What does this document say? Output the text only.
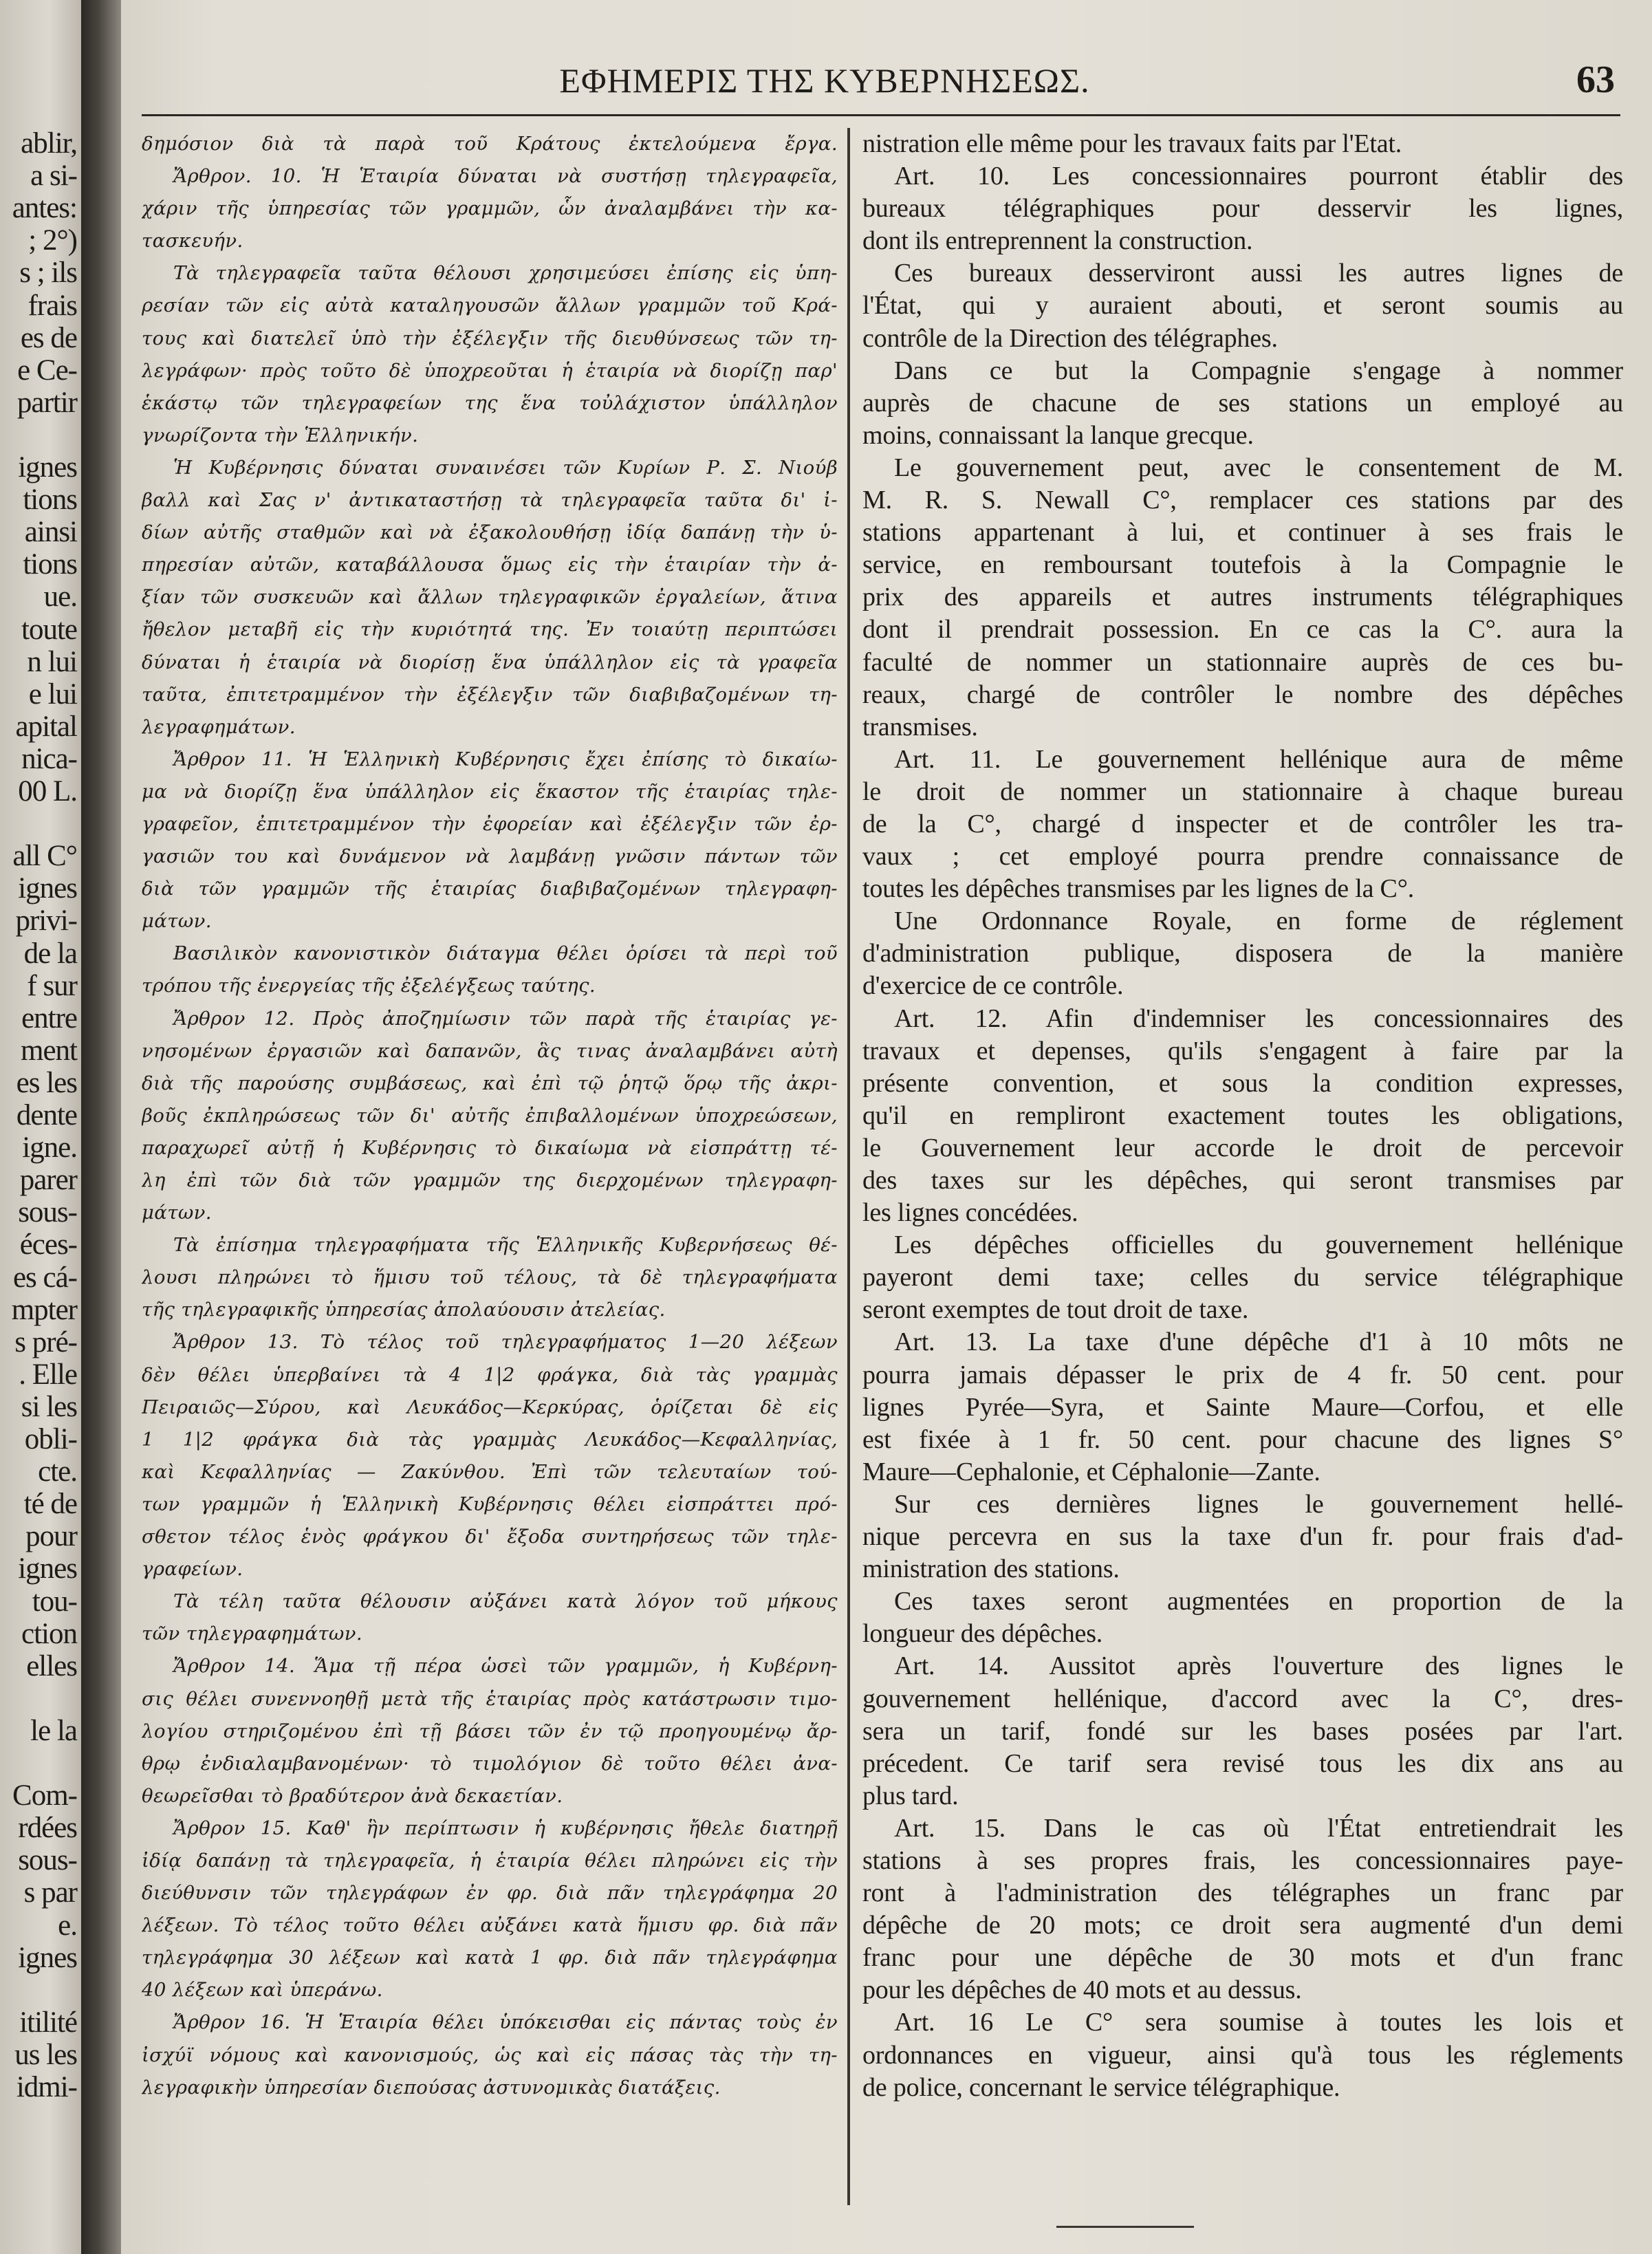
ablir,
a si-
antes:
; 2°)
s ; ils
frais
es de
e Ce-
partir
ignes
tions
ainsi
tions
ue.
toute
n lui
e lui
apital
nica-
00 L.
all C°
ignes
privi-
de la
f sur
entre
ment
es les
dente
igne.
parer
sous-
éces-
es cá-
mpter
s pré-
. Elle
si les
obli-
cte.
té de
pour
ignes
tou-
ction
elles
le la
Com-
rdées
sous-
s par
e.
ignes
itilité
us les
idmi-
ΕΦΗΜΕΡΙΣ ΤΗΣ ΚΥΒΕΡΝΗΣΕΩΣ.	63
δημόσιον διὰ τὰ παρὰ τοῦ Κράτους ἐκτελούμενα ἔργα.
Ἄρθρον. 10. Ἡ Ἑταιρία δύναται νὰ συστήσῃ τηλεγραφεῖα,
χάριν τῆς ὑπηρεσίας τῶν γραμμῶν, ὧν ἀναλαμβάνει τὴν κα-
τασκευήν.
Τὰ τηλεγραφεῖα ταῦτα θέλουσι χρησιμεύσει ἐπίσης εἰς ὑπη-
ρεσίαν τῶν εἰς αὐτὰ καταληγουσῶν ἄλλων γραμμῶν τοῦ Κρά-
τους καὶ διατελεῖ ὑπὸ τὴν ἐξέλεγξιν τῆς διευθύνσεως τῶν τη-
λεγράφων· πρὸς τοῦτο δὲ ὑποχρεοῦται ἡ ἑταιρία νὰ διορίζῃ παρ'
ἑκάστῳ τῶν τηλεγραφείων της ἕνα τοὐλάχιστον ὑπάλληλον
γνωρίζοντα τὴν Ἑλληνικήν.
Ἡ Κυβέρνησις δύναται συναινέσει τῶν Κυρίων Ρ. Σ. Νιούβ
βαλλ καὶ Σας ν' ἀντικαταστήσῃ τὰ τηλεγραφεῖα ταῦτα δι' ἰ-
δίων αὐτῆς σταθμῶν καὶ νὰ ἐξακολουθήσῃ ἰδίᾳ δαπάνῃ τὴν ὑ-
πηρεσίαν αὐτῶν, καταβάλλουσα ὅμως εἰς τὴν ἑταιρίαν τὴν ἀ-
ξίαν τῶν συσκευῶν καὶ ἄλλων τηλεγραφικῶν ἐργαλείων, ἅτινα
ἤθελον μεταβῆ εἰς τὴν κυριότητά της. Ἐν τοιαύτῃ περιπτώσει
δύναται ἡ ἑταιρία νὰ διορίσῃ ἕνα ὑπάλληλον εἰς τὰ γραφεῖα
ταῦτα, ἐπιτετραμμένον τὴν ἐξέλεγξιν τῶν διαβιβαζομένων τη-
λεγραφημάτων.
Ἄρθρον 11. Ἡ Ἑλληνικὴ Κυβέρνησις ἔχει ἐπίσης τὸ δικαίω-
μα νὰ διορίζῃ ἕνα ὑπάλληλον εἰς ἕκαστον τῆς ἑταιρίας τηλε-
γραφεῖον, ἐπιτετραμμένον τὴν ἐφορείαν καὶ ἐξέλεγξιν τῶν ἐρ-
γασιῶν του καὶ δυνάμενον νὰ λαμβάνῃ γνῶσιν πάντων τῶν
διὰ τῶν γραμμῶν τῆς ἑταιρίας διαβιβαζομένων τηλεγραφη-
μάτων.
Βασιλικὸν κανονιστικὸν διάταγμα θέλει ὁρίσει τὰ περὶ τοῦ
τρόπου τῆς ἐνεργείας τῆς ἐξελέγξεως ταύτης.
Ἄρθρον 12. Πρὸς ἀποζημίωσιν τῶν παρὰ τῆς ἑταιρίας γε-
νησομένων ἐργασιῶν καὶ δαπανῶν, ἃς τινας ἀναλαμβάνει αὐτὴ
διὰ τῆς παρούσης συμβάσεως, καὶ ἐπὶ τῷ ῥητῷ ὅρῳ τῆς ἀκρι-
βοῦς ἐκπληρώσεως τῶν δι' αὐτῆς ἐπιβαλλομένων ὑποχρεώσεων,
παραχωρεῖ αὐτῇ ἡ Κυβέρνησις τὸ δικαίωμα νὰ εἰσπράττῃ τέ-
λη ἐπὶ τῶν διὰ τῶν γραμμῶν της διερχομένων τηλεγραφη-
μάτων.
Τὰ ἐπίσημα τηλεγραφήματα τῆς Ἑλληνικῆς Κυβερνήσεως θέ-
λουσι πληρώνει τὸ ἥμισυ τοῦ τέλους, τὰ δὲ τηλεγραφήματα
τῆς τηλεγραφικῆς ὑπηρεσίας ἀπολαύουσιν ἀτελείας.
Ἄρθρον 13. Τὸ τέλος τοῦ τηλεγραφήματος 1—20 λέξεων
δὲν θέλει ὑπερβαίνει τὰ 4 1|2 φράγκα, διὰ τὰς γραμμὰς
Πειραιῶς—Σύρου, καὶ Λευκάδος—Κερκύρας, ὁρίζεται δὲ εἰς
1 1|2 φράγκα διὰ τὰς γραμμὰς Λευκάδος—Κεφαλληνίας,
καὶ Κεφαλληνίας — Ζακύνθου. Ἐπὶ τῶν τελευταίων τού-
των γραμμῶν ἡ Ἑλληνικὴ Κυβέρνησις θέλει εἰσπράττει πρό-
σθετον τέλος ἑνὸς φράγκου δι' ἔξοδα συντηρήσεως τῶν τηλε-
γραφείων.
Τὰ τέλη ταῦτα θέλουσιν αὐξάνει κατὰ λόγον τοῦ μήκους
τῶν τηλεγραφημάτων.
Ἄρθρον 14. Ἅμα τῇ πέρα ὡσεὶ τῶν γραμμῶν, ἡ Κυβέρνη-
σις θέλει συνεννοηθῇ μετὰ τῆς ἑταιρίας πρὸς κατάστρωσιν τιμο-
λογίου στηριζομένου ἐπὶ τῇ βάσει τῶν ἐν τῷ προηγουμένῳ ἄρ-
θρῳ ἐνδιαλαμβανομένων· τὸ τιμολόγιον δὲ τοῦτο θέλει ἀνα-
θεωρεῖσθαι τὸ βραδύτερον ἀνὰ δεκαετίαν.
Ἄρθρον 15. Καθ' ἣν περίπτωσιν ἡ κυβέρνησις ἤθελε διατηρῇ
ἰδίᾳ δαπάνῃ τὰ τηλεγραφεῖα, ἡ ἑταιρία θέλει πληρώνει εἰς τὴν
διεύθυνσιν τῶν τηλεγράφων ἐν φρ. διὰ πᾶν τηλεγράφημα 20
λέξεων. Τὸ τέλος τοῦτο θέλει αὐξάνει κατὰ ἥμισυ φρ. διὰ πᾶν
τηλεγράφημα 30 λέξεων καὶ κατὰ 1 φρ. διὰ πᾶν τηλεγράφημα
40 λέξεων καὶ ὑπεράνω.
Ἄρθρον 16. Ἡ Ἑταιρία θέλει ὑπόκεισθαι εἰς πάντας τοὺς ἐν
ἰσχύϊ νόμους καὶ κανονισμούς, ὡς καὶ εἰς πάσας τὰς τὴν τη-
λεγραφικὴν ὑπηρεσίαν διεπούσας ἀστυνομικὰς διατάξεις.
nistration elle même pour les travaux faits par l'Etat.
Art. 10. Les concessionnaires pourront établir des
bureaux télégraphiques pour desservir les lignes,
dont ils entreprennent la construction.
Ces bureaux desserviront aussi les autres lignes de
l'État, qui y auraient abouti, et seront soumis au
contrôle de la Direction des télégraphes.
Dans ce but la Compagnie s'engage à nommer
auprès de chacune de ses stations un employé au
moins, connaissant la lanque grecque.
Le gouvernement peut, avec le consentement de M.
M. R. S. Newall C°, remplacer ces stations par des
stations appartenant à lui, et continuer à ses frais le
service, en remboursant toutefois à la Compagnie le
prix des appareils et autres instruments télégraphiques
dont il prendrait possession. En ce cas la C°. aura la
faculté de nommer un stationnaire auprès de ces bu-
reaux, chargé de contrôler le nombre des dépêches
transmises.
Art. 11. Le gouvernement hellénique aura de même
le droit de nommer un stationnaire à chaque bureau
de la C°, chargé d inspecter et de contrôler les tra-
vaux ; cet employé pourra prendre connaissance de
toutes les dépêches transmises par les lignes de la C°.
Une Ordonnance Royale, en forme de réglement
d'administration publique, disposera de la manière
d'exercice de ce contrôle.
Art. 12. Afin d'indemniser les concessionnaires des
travaux et depenses, qu'ils s'engagent à faire par la
présente convention, et sous la condition expresses,
qu'il en rempliront exactement toutes les obligations,
le Gouvernement leur accorde le droit de percevoir
des taxes sur les dépêches, qui seront transmises par
les lignes concédées.
Les dépêches officielles du gouvernement hellénique
payeront demi taxe; celles du service télégraphique
seront exemptes de tout droit de taxe.
Art. 13. La taxe d'une dépêche d'1 à 10 môts ne
pourra jamais dépasser le prix de 4 fr. 50 cent. pour
lignes Pyrée—Syra, et Sainte Maure—Corfou, et elle
est fixée à 1 fr. 50 cent. pour chacune des lignes S°
Maure—Cephalonie, et Céphalonie—Zante.
Sur ces dernières lignes le gouvernement hellé-
nique percevra en sus la taxe d'un fr. pour frais d'ad-
ministration des stations.
Ces taxes seront augmentées en proportion de la
longueur des dépêches.
Art. 14. Aussitot après l'ouverture des lignes le
gouvernement hellénique, d'accord avec la C°, dres-
sera un tarif, fondé sur les bases posées par l'art.
précedent. Ce tarif sera revisé tous les dix ans au
plus tard.
Art. 15. Dans le cas où l'État entretiendrait les
stations à ses propres frais, les concessionnaires paye-
ront à l'administration des télégraphes un franc par
dépêche de 20 mots; ce droit sera augmenté d'un demi
franc pour une dépêche de 30 mots et d'un franc
pour les dépêches de 40 mots et au dessus.
Art. 16 Le C° sera soumise à toutes les lois et
ordonnances en vigueur, ainsi qu'à tous les réglements
de police, concernant le service télégraphique.
